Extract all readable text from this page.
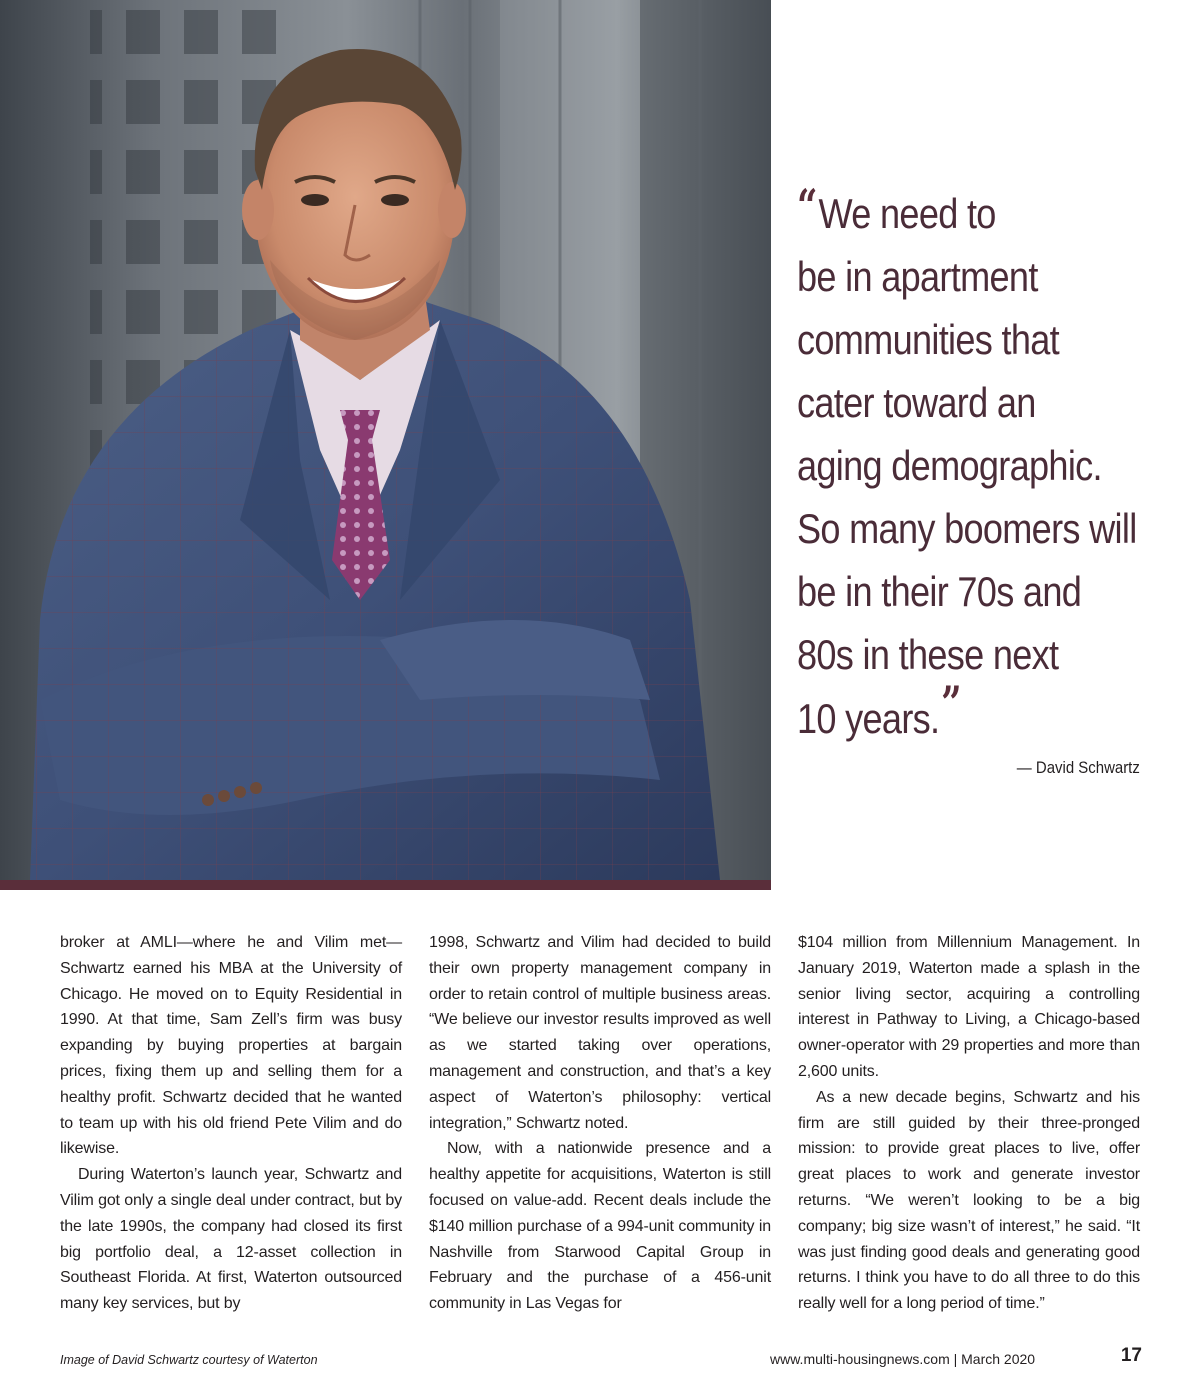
“We need to
be in apartment
communities that
cater toward an
aging demographic.
So many boomers will
be in their 70s and
80s in these next
10 years.”
— David Schwartz

broker at AMLI—where he and Vilim met—Schwartz earned his MBA at the University of Chicago. He moved on to Equity Residential in 1990. At that time, Sam Zell’s firm was busy expanding by buying properties at bargain prices, fixing them up and selling them for a healthy profit. Schwartz decided that he wanted to team up with his old friend Pete Vilim and do likewise.

During Waterton’s launch year, Schwartz and Vilim got only a single deal under contract, but by the late 1990s, the company had closed its first big portfolio deal, a 12-asset collection in Southeast Florida. At first, Waterton outsourced many key services, but by

1998, Schwartz and Vilim had decided to build their own property management company in order to retain control of multiple business areas. “We believe our investor results improved as well as we started taking over operations, management and construction, and that’s a key aspect of Waterton’s philosophy: vertical integration,” Schwartz noted.

Now, with a nationwide presence and a healthy appetite for acquisitions, Waterton is still focused on value-add. Recent deals include the $140 million purchase of a 994-unit community in Nashville from Starwood Capital Group in February and the purchase of a 456-unit community in Las Vegas for

$104 million from Millennium Management. In January 2019, Waterton made a splash in the senior living sector, acquiring a controlling interest in Pathway to Living, a Chicago-based owner-operator with 29 properties and more than 2,600 units.

As a new decade begins, Schwartz and his firm are still guided by their three-pronged mission: to provide great places to live, offer great places to work and generate investor returns. “We weren’t looking to be a big company; big size wasn’t of interest,” he said. “It was just finding good deals and generating good returns. I think you have to do all three to do this really well for a long period of time.”

Image of David Schwartz courtesy of Waterton	www.multi-housingnews.com | March 2020	17
